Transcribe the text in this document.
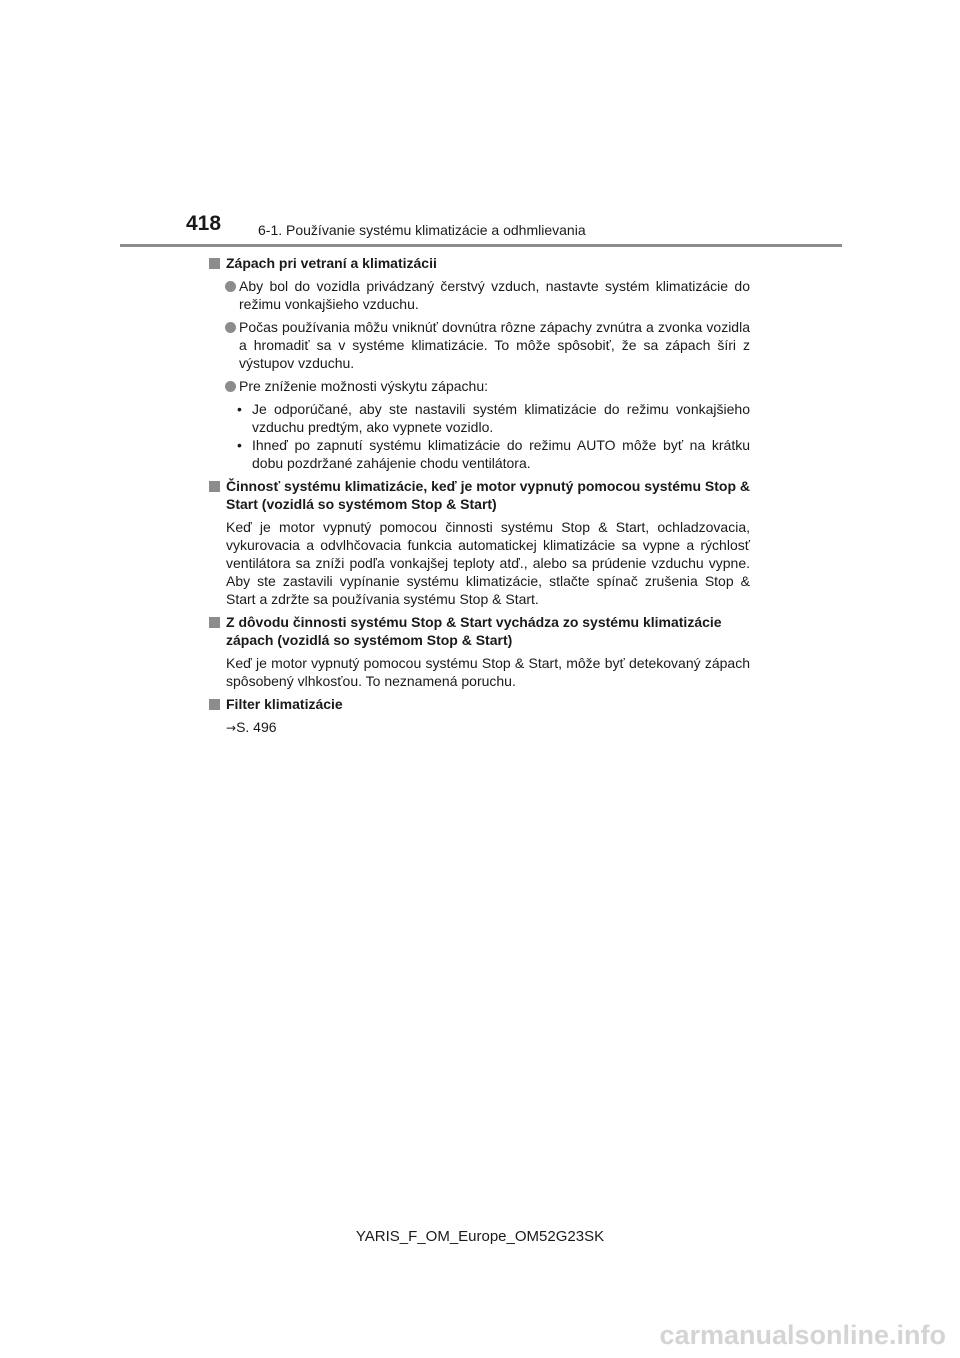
418	6-1. Používanie systému klimatizácie a odhmlievania
Zápach pri vetraní a klimatizácii
Aby bol do vozidla privádzaný čerstvý vzduch, nastavte systém klimatizácie do režimu vonkajšieho vzduchu.
Počas používania môžu vniknúť dovnútra rôzne zápachy zvnútra a zvonka vozidla a hromadiť sa v systéme klimatizácie. To môže spôsobiť, že sa zápach šíri z výstupov vzduchu.
Pre zníženie možnosti výskytu zápachu:
• Je odporúčané, aby ste nastavili systém klimatizácie do režimu vonkajšieho vzduchu predtým, ako vypnete vozidlo.
• Ihneď po zapnutí systému klimatizácie do režimu AUTO môže byť na krátku dobu pozdržané zahájenie chodu ventilátora.
Činnosť systému klimatizácie, keď je motor vypnutý pomocou systému Stop & Start (vozidlá so systémom Stop & Start)
Keď je motor vypnutý pomocou činnosti systému Stop & Start, ochladzovacia, vykurovacia a odvlhčovacia funkcia automatickej klimatizácie sa vypne a rýchlosť ventilátora sa zníži podľa vonkajšej teploty atď., alebo sa prúdenie vzduchu vypne. Aby ste zastavili vypínanie systému klimatizácie, stlačte spínač zrušenia Stop & Start a zdržte sa používania systému Stop & Start.
Z dôvodu činnosti systému Stop & Start vychádza zo systému klimatizácie zápach (vozidlá so systémom Stop & Start)
Keď je motor vypnutý pomocou systému Stop & Start, môže byť detekovaný zápach spôsobený vlhkosťou. To neznamená poruchu.
Filter klimatizácie
→S. 496
YARIS_F_OM_Europe_OM52G23SK
carmanualsonline.info
